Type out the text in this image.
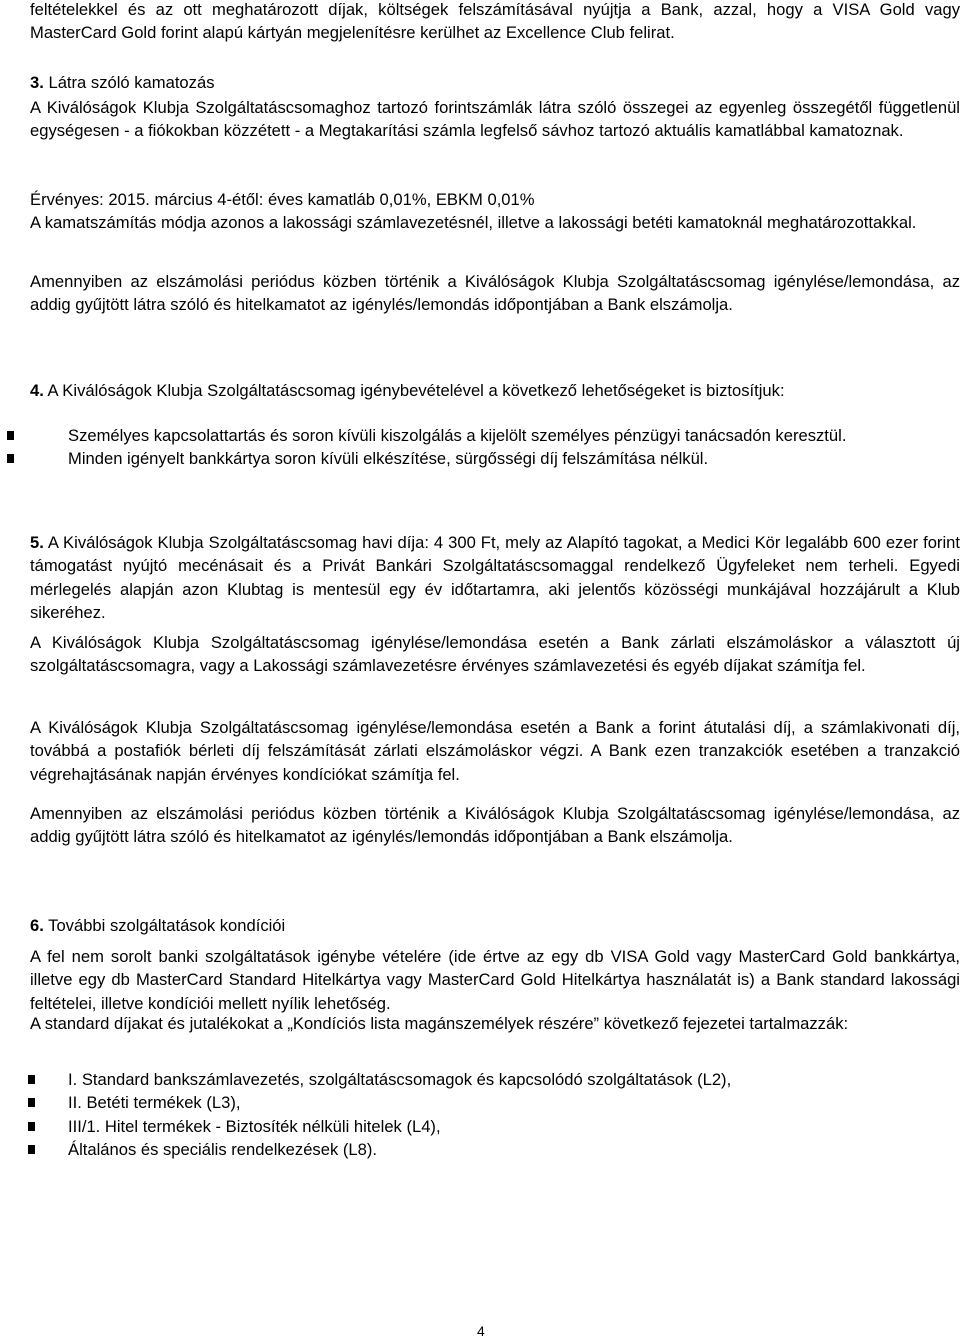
feltételekkel és az ott meghatározott díjak, költségek felszámításával nyújtja a Bank, azzal, hogy a VISA Gold vagy MasterCard Gold forint alapú kártyán megjelenítésre kerülhet az Excellence Club felirat.

3. Látra szóló kamatozás

A Kiválóságok Klubja Szolgáltatáscsomaghoz tartozó forintszámlák látra szóló összegei az egyenleg összegétől függetlenül egységesen - a fiókokban közzétett - a Megtakarítási számla legfelső sávhoz tartozó aktuális kamatlábbal kamatoznak.

Érvényes: 2015. március 4-étől: éves kamatláb 0,01%, EBKM 0,01%

A kamatszámítás módja azonos a lakossági számlavezetésnél, illetve a lakossági betéti kamatoknál meghatározottakkal.

Amennyiben az elszámolási periódus közben történik a Kiválóságok Klubja Szolgáltatáscsomag igénylése/lemondása, az addig gyűjtött látra szóló és hitelkamatot az igénylés/lemondás időpontjában a Bank elszámolja.

4. A Kiválóságok Klubja Szolgáltatáscsomag igénybevételével a következő lehetőségeket is biztosítjuk:

Személyes kapcsolattartás és soron kívüli kiszolgálás a kijelölt személyes pénzügyi tanácsadón keresztül.
Minden igényelt bankkártya soron kívüli elkészítése, sürgősségi díj felszámítása nélkül.

5. A Kiválóságok Klubja Szolgáltatáscsomag havi díja: 4 300 Ft, mely az Alapító tagokat, a Medici Kör legalább 600 ezer forint támogatást nyújtó mecénásait és a Privát Bankári Szolgáltatáscsomaggal rendelkező Ügyfeleket nem terheli. Egyedi mérlegelés alapján azon Klubtag is mentesül egy év időtartamra, aki jelentős közösségi munkájával hozzájárult a Klub sikeréhez.

A Kiválóságok Klubja Szolgáltatáscsomag igénylése/lemondása esetén a Bank zárlati elszámoláskor a választott új szolgáltatáscsomagra, vagy a Lakossági számlavezetésre érvényes számlavezetési és egyéb díjakat számítja fel.

A Kiválóságok Klubja Szolgáltatáscsomag igénylése/lemondása esetén a Bank a forint átutalási díj, a számlakivonati díj, továbbá a postafiók bérleti díj felszámítását zárlati elszámoláskor végzi. A Bank ezen tranzakciók esetében a tranzakció végrehajtásának napján érvényes kondíciókat számítja fel.

Amennyiben az elszámolási periódus közben történik a Kiválóságok Klubja Szolgáltatáscsomag igénylése/lemondása, az addig gyűjtött látra szóló és hitelkamatot az igénylés/lemondás időpontjában a Bank elszámolja.

6. További szolgáltatások kondíciói

A fel nem sorolt banki szolgáltatások igénybe vételére (ide értve az egy db VISA Gold vagy MasterCard Gold bankkártya, illetve egy db MasterCard Standard Hitelkártya vagy MasterCard Gold Hitelkártya használatát is) a Bank standard lakossági feltételei, illetve kondíciói mellett nyílik lehetőség.

A standard díjakat és jutalékokat a „Kondíciós lista magánszemélyek részére” következő fejezetei tartalmazzák:

I. Standard bankszámlavezetés, szolgáltatáscsomagok és kapcsolódó szolgáltatások (L2),
II. Betéti termékek (L3),
III/1. Hitel termékek - Biztosíték nélküli hitelek (L4),
Általános és speciális rendelkezések (L8).
4
